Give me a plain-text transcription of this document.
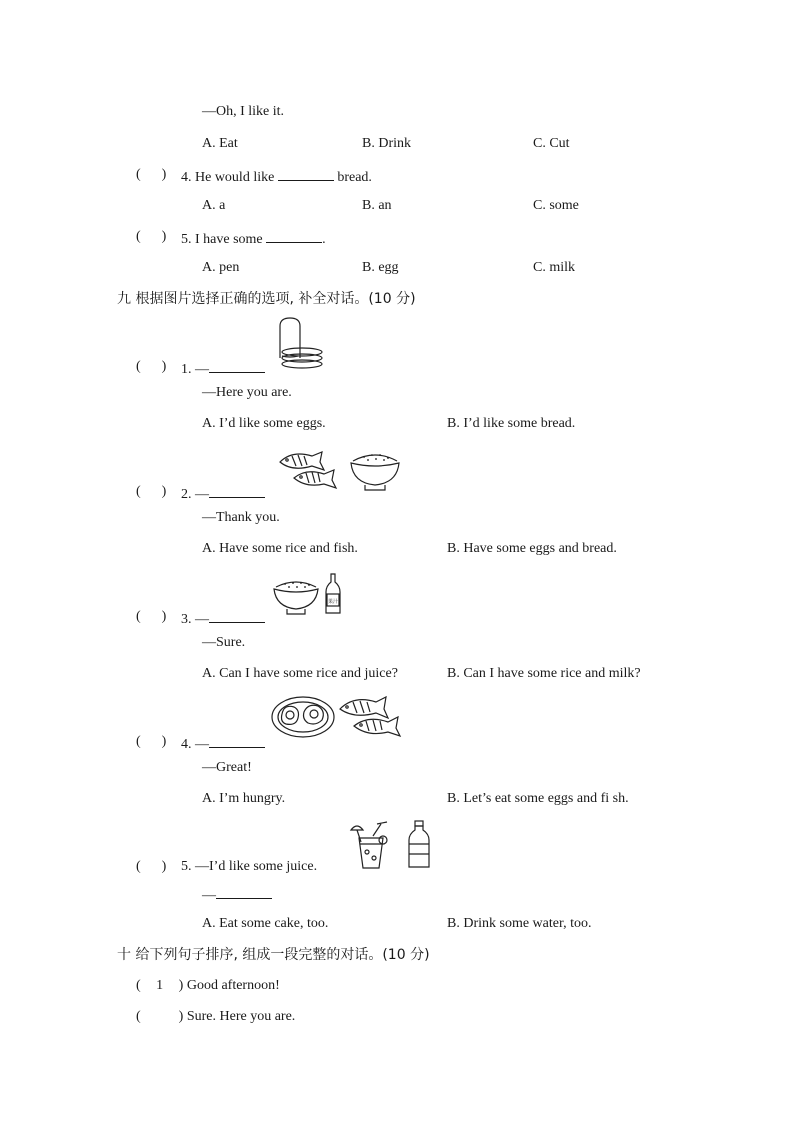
—Oh, I like it.
A. Eat	B. Drink	C. Cut
(      ) 4. He would like	bread.
A. a	B. an	C. some
(      ) 5. I have some	.
A. pen	B. egg	C. milk
九 根据图片选择正确的选项, 补全对话。(10 分)
(      ) 1. —
—Here you are.
A. I’d like some eggs.	B. I’d like some bread.
(      ) 2. —
—Thank you.
A. Have some rice and fish.	B. Have some eggs and bread.
果汁
(      ) 3. —
—Sure.
A. Can I have some rice and juice?	B. Can I have some rice and milk?
(      ) 4. —
—Great!
A. I’m hungry.	B. Let’s eat some eggs and fi sh.
(      ) 5. —I’d like some juice.
—
A. Eat some cake, too.	B. Drink some water, too.
十 给下列句子排序, 组成一段完整的对话。(10 分)
( 1 ) Good afternoon!
(	) Sure. Here you are.
